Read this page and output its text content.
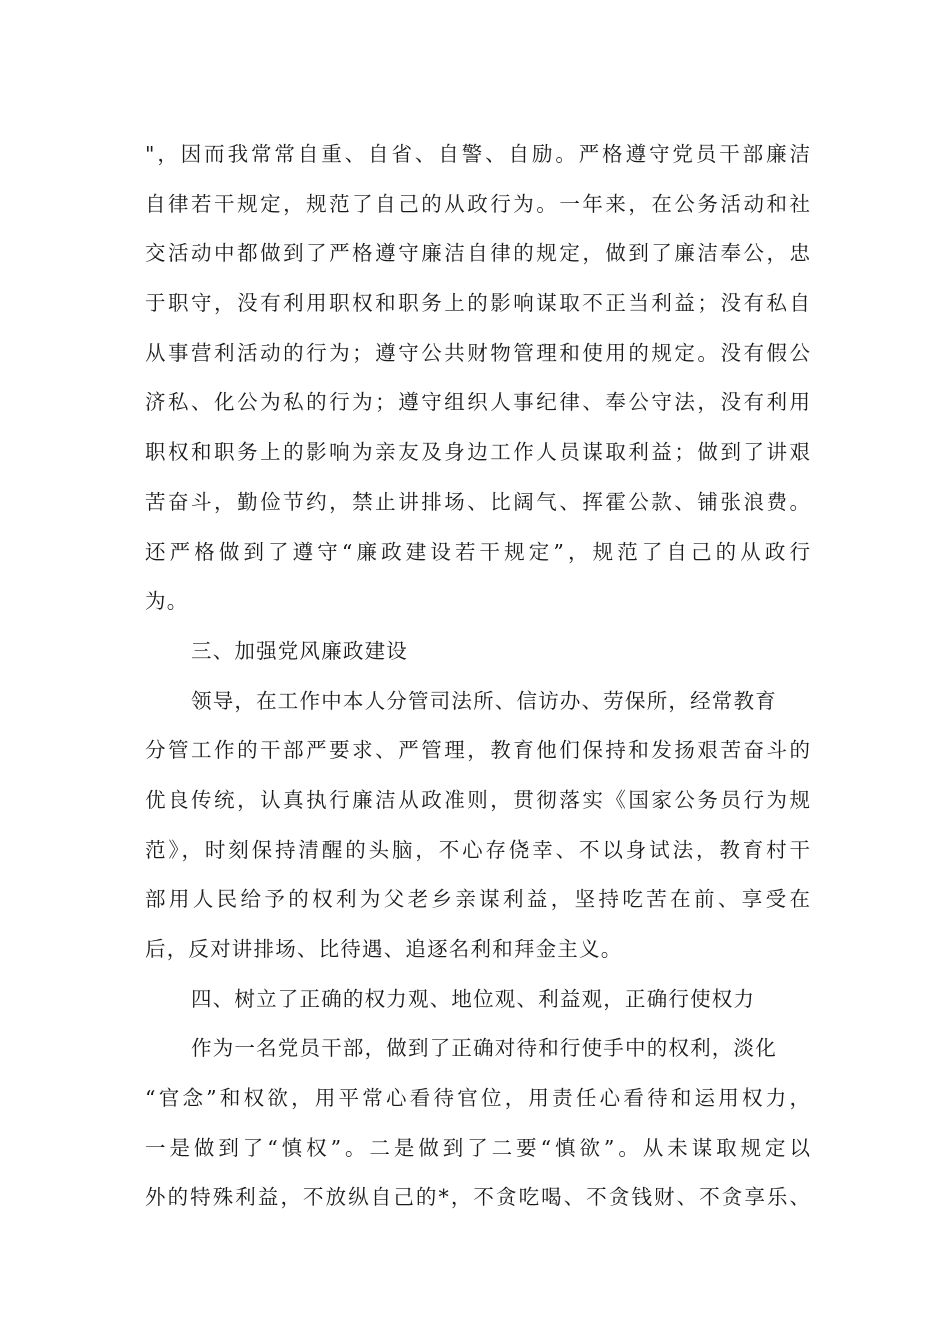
"，因而我常常自重、自省、自警、自励。严格遵守党员干部廉洁
自律若干规定，规范了自己的从政行为。一年来，在公务活动和社
交活动中都做到了严格遵守廉洁自律的规定，做到了廉洁奉公，忠
于职守，没有利用职权和职务上的影响谋取不正当利益；没有私自
从事营利活动的行为；遵守公共财物管理和使用的规定。没有假公
济私、化公为私的行为；遵守组织人事纪律、奉公守法，没有利用
职权和职务上的影响为亲友及身边工作人员谋取利益；做到了讲艰
苦奋斗，勤俭节约，禁止讲排场、比阔气、挥霍公款、铺张浪费。
还严格做到了遵守“廉政建设若干规定”，规范了自己的从政行
为。
三、加强党风廉政建设
领导，在工作中本人分管司法所、信访办、劳保所，经常教育
分管工作的干部严要求、严管理，教育他们保持和发扬艰苦奋斗的
优良传统，认真执行廉洁从政准则，贯彻落实《国家公务员行为规
范》，时刻保持清醒的头脑，不心存侥幸、不以身试法，教育村干
部用人民给予的权利为父老乡亲谋利益，坚持吃苦在前、享受在
后，反对讲排场、比待遇、追逐名利和拜金主义。
四、树立了正确的权力观、地位观、利益观，正确行使权力
作为一名党员干部，做到了正确对待和行使手中的权利，淡化
“官念”和权欲，用平常心看待官位，用责任心看待和运用权力，
一是做到了“慎权”。二是做到了二要“慎欲”。从未谋取规定以
外的特殊利益，不放纵自己的*，不贪吃喝、不贪钱财、不贪享乐、
